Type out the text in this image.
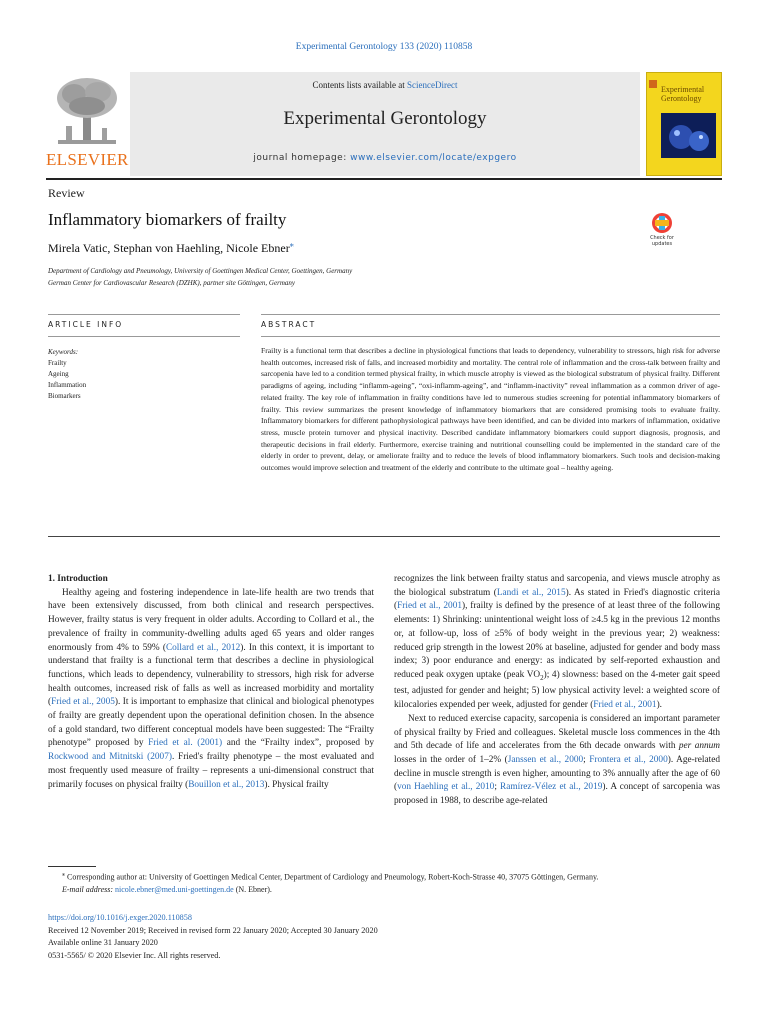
Experimental Gerontology 133 (2020) 110858
ELSEVIER
Contents lists available at ScienceDirect
Experimental Gerontology
journal homepage: www.elsevier.com/locate/expgero
Experimental
Gerontology
Review
Inflammatory biomarkers of frailty
Mirela Vatic, Stephan von Haehling, Nicole Ebner⁎
Department of Cardiology and Pneumology, University of Goettingen Medical Center, Goettingen, Germany
German Center for Cardiovascular Research (DZHK), partner site Göttingen, Germany
Check for updates
ARTICLE INFO	ABSTRACT
Keywords:
Frailty
Ageing
Inflammation
Biomarkers
Frailty is a functional term that describes a decline in physiological functions that leads to dependency, vulnerability to stressors, high risk for adverse health outcomes, increased risk of falls, and increased morbidity and mortality. The central role of inflammation and the cross-talk between frailty and sarcopenia have led to a condition termed physical frailty, in which muscle atrophy is viewed as the biological substratum of physical frailty. Different paradigms of ageing, including “inflamm-ageing”, “oxi-inflamm-ageing”, and “inflamm-inactivity” reveal inflammation as a common driver of age-related frailty. The key role of inflammation in frailty conditions have led to numerous studies screening for potential inflammatory biomarkers of frailty. This review summarizes the present knowledge of inflammatory biomarkers that are considered promising tools to evaluate frailty. Inflammatory biomarkers for different pathophysiological pathways have been identified, and can be divided into markers of inflammation, oxidative stress, muscle protein turnover and physical inactivity. Described candidate inflammatory biomarkers could support diagnosis, prognosis, and therapeutic decisions in frail elderly. Furthermore, exercise training and nutritional counselling could be implemented in the standard care of the elderly in order to prevent, delay, or ameliorate frailty and to reduce the levels of blood inflammatory biomarkers. Such tools and decision-making outcomes would improve selection and treatment of the elderly and contribute to the ultimate goal – healthy ageing.

1. Introduction

Healthy ageing and fostering independence in late-life health are two trends that have been extensively discussed, from both clinical and research perspectives. However, frailty status is very frequent in older adults. According to Collard et al., the prevalence of frailty in community-dwelling adults aged 65 years and older ranges enormously from 4% to 59% (Collard et al., 2012). In this context, it is important to understand that frailty is a functional term that describes a decline in physiological functions, which leads to dependency, vulnerability to stressors, high risk for adverse health outcomes, increased risk of falls as well as increased morbidity and mortality (Fried et al., 2005). It is important to emphasize that clinical and biological phenotypes of frailty are greatly dependent upon the operational definition chosen. In the absence of a gold standard, two different conceptual models have been suggested: The “Frailty phenotype” proposed by Fried et al. (2001) and the “Frailty index”, proposed by Rockwood and Mitnitski (2007). Fried's frailty phenotype – the most evaluated and most frequently used measure of frailty – represents a uni-dimensional construct that primarily focuses on physical frailty (Bouillon et al., 2013). Physical frailty

recognizes the link between frailty status and sarcopenia, and views muscle atrophy as the biological substratum (Landi et al., 2015). As stated in Fried's diagnostic criteria (Fried et al., 2001), frailty is defined by the presence of at least three of the following elements: 1) Shrinking: unintentional weight loss of ≥4.5 kg in the previous 12 months or, at follow-up, loss of ≥5% of body weight in the previous year; 2) weakness: reduced grip strength in the lowest 20% at baseline, adjusted for gender and body mass index; 3) poor endurance and energy: as indicated by self-reported exhaustion and reduced peak oxygen uptake (peak $VO_2$); 4) slowness: based on the 4-meter gait speed test, adjusted for gender and height; 5) low physical activity level: a weighted score of kilocalories expended per week, adjusted for gender (Fried et al., 2001).

Next to reduced exercise capacity, sarcopenia is considered an important parameter of physical frailty by Fried and colleagues. Skeletal muscle loss commences in the 4th and 5th decade of life and accelerates from the 6th decade onwards with per annum losses in the order of 1–2% (Janssen et al., 2000; Frontera et al., 2000). Age-related decline in muscle strength is even higher, amounting to 3% annually after the age of 60 (von Haehling et al., 2010; Ramírez-Vélez et al., 2019). A concept of sarcopenia was proposed in 1988, to describe age-related

⁎ Corresponding author at: University of Goettingen Medical Center, Department of Cardiology and Pneumology, Robert-Koch-Strasse 40, 37075 Göttingen, Germany.
E-mail address: nicole.ebner@med.uni-goettingen.de (N. Ebner).
https://doi.org/10.1016/j.exger.2020.110858
Received 12 November 2019; Received in revised form 22 January 2020; Accepted 30 January 2020
Available online 31 January 2020
0531-5565/ © 2020 Elsevier Inc. All rights reserved.
